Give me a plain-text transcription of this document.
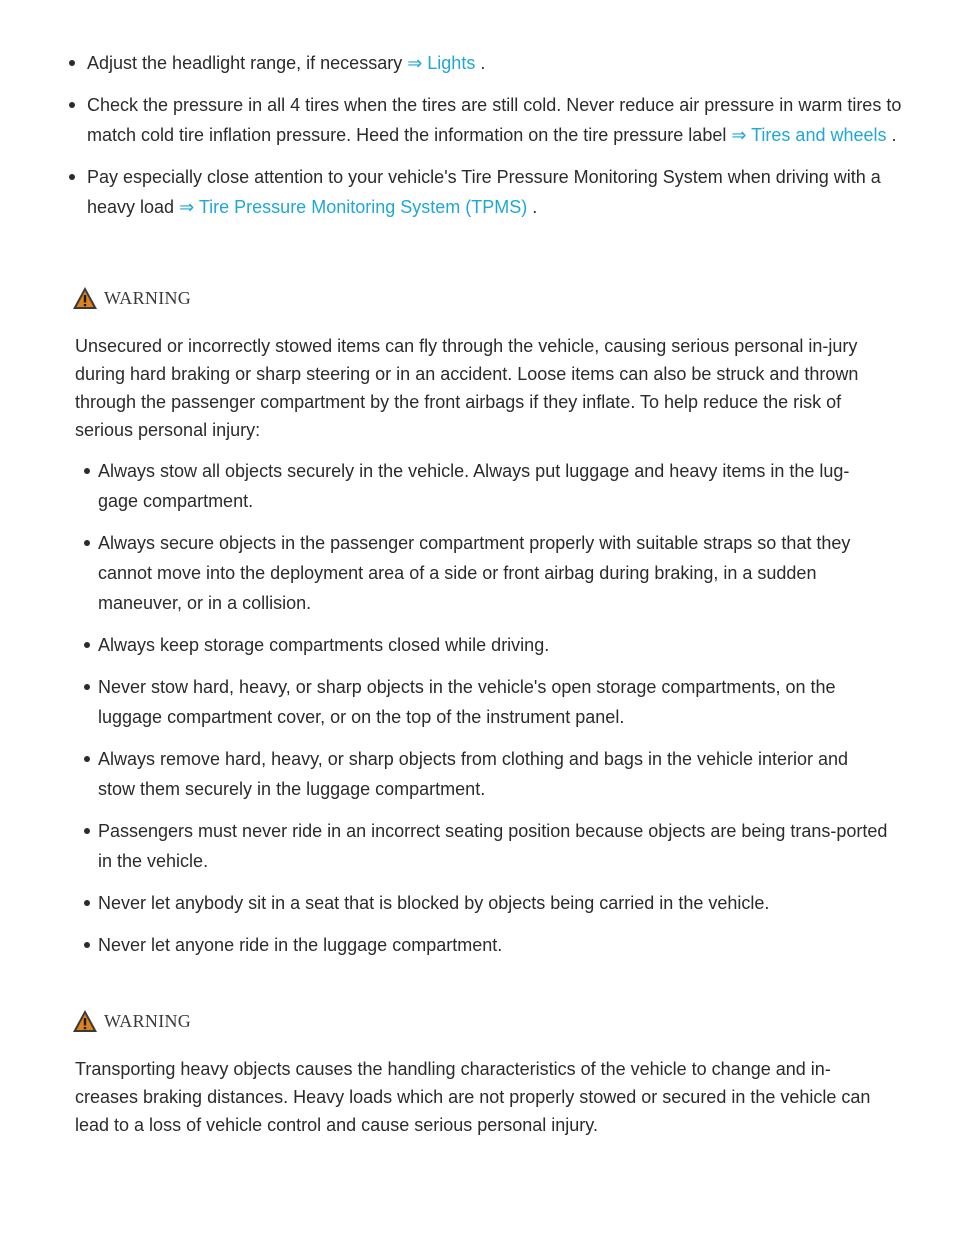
Adjust the headlight range, if necessary ⇒ Lights .
Check the pressure in all 4 tires when the tires are still cold. Never reduce air pressure in warm tires to match cold tire inflation pressure. Heed the information on the tire pressure label ⇒ Tires and wheels .
Pay especially close attention to your vehicle's Tire Pressure Monitoring System when driving with a heavy load ⇒ Tire Pressure Monitoring System (TPMS) .
WARNING
Unsecured or incorrectly stowed items can fly through the vehicle, causing serious personal in-jury during hard braking or sharp steering or in an accident. Loose items can also be struck and thrown through the passenger compartment by the front airbags if they inflate. To help reduce the risk of serious personal injury:
Always stow all objects securely in the vehicle. Always put luggage and heavy items in the lug-gage compartment.
Always secure objects in the passenger compartment properly with suitable straps so that they cannot move into the deployment area of a side or front airbag during braking, in a sudden maneuver, or in a collision.
Always keep storage compartments closed while driving.
Never stow hard, heavy, or sharp objects in the vehicle's open storage compartments, on the luggage compartment cover, or on the top of the instrument panel.
Always remove hard, heavy, or sharp objects from clothing and bags in the vehicle interior and stow them securely in the luggage compartment.
Passengers must never ride in an incorrect seating position because objects are being trans-ported in the vehicle.
Never let anybody sit in a seat that is blocked by objects being carried in the vehicle.
Never let anyone ride in the luggage compartment.
WARNING
Transporting heavy objects causes the handling characteristics of the vehicle to change and in-creases braking distances. Heavy loads which are not properly stowed or secured in the vehicle can lead to a loss of vehicle control and cause serious personal injury.
